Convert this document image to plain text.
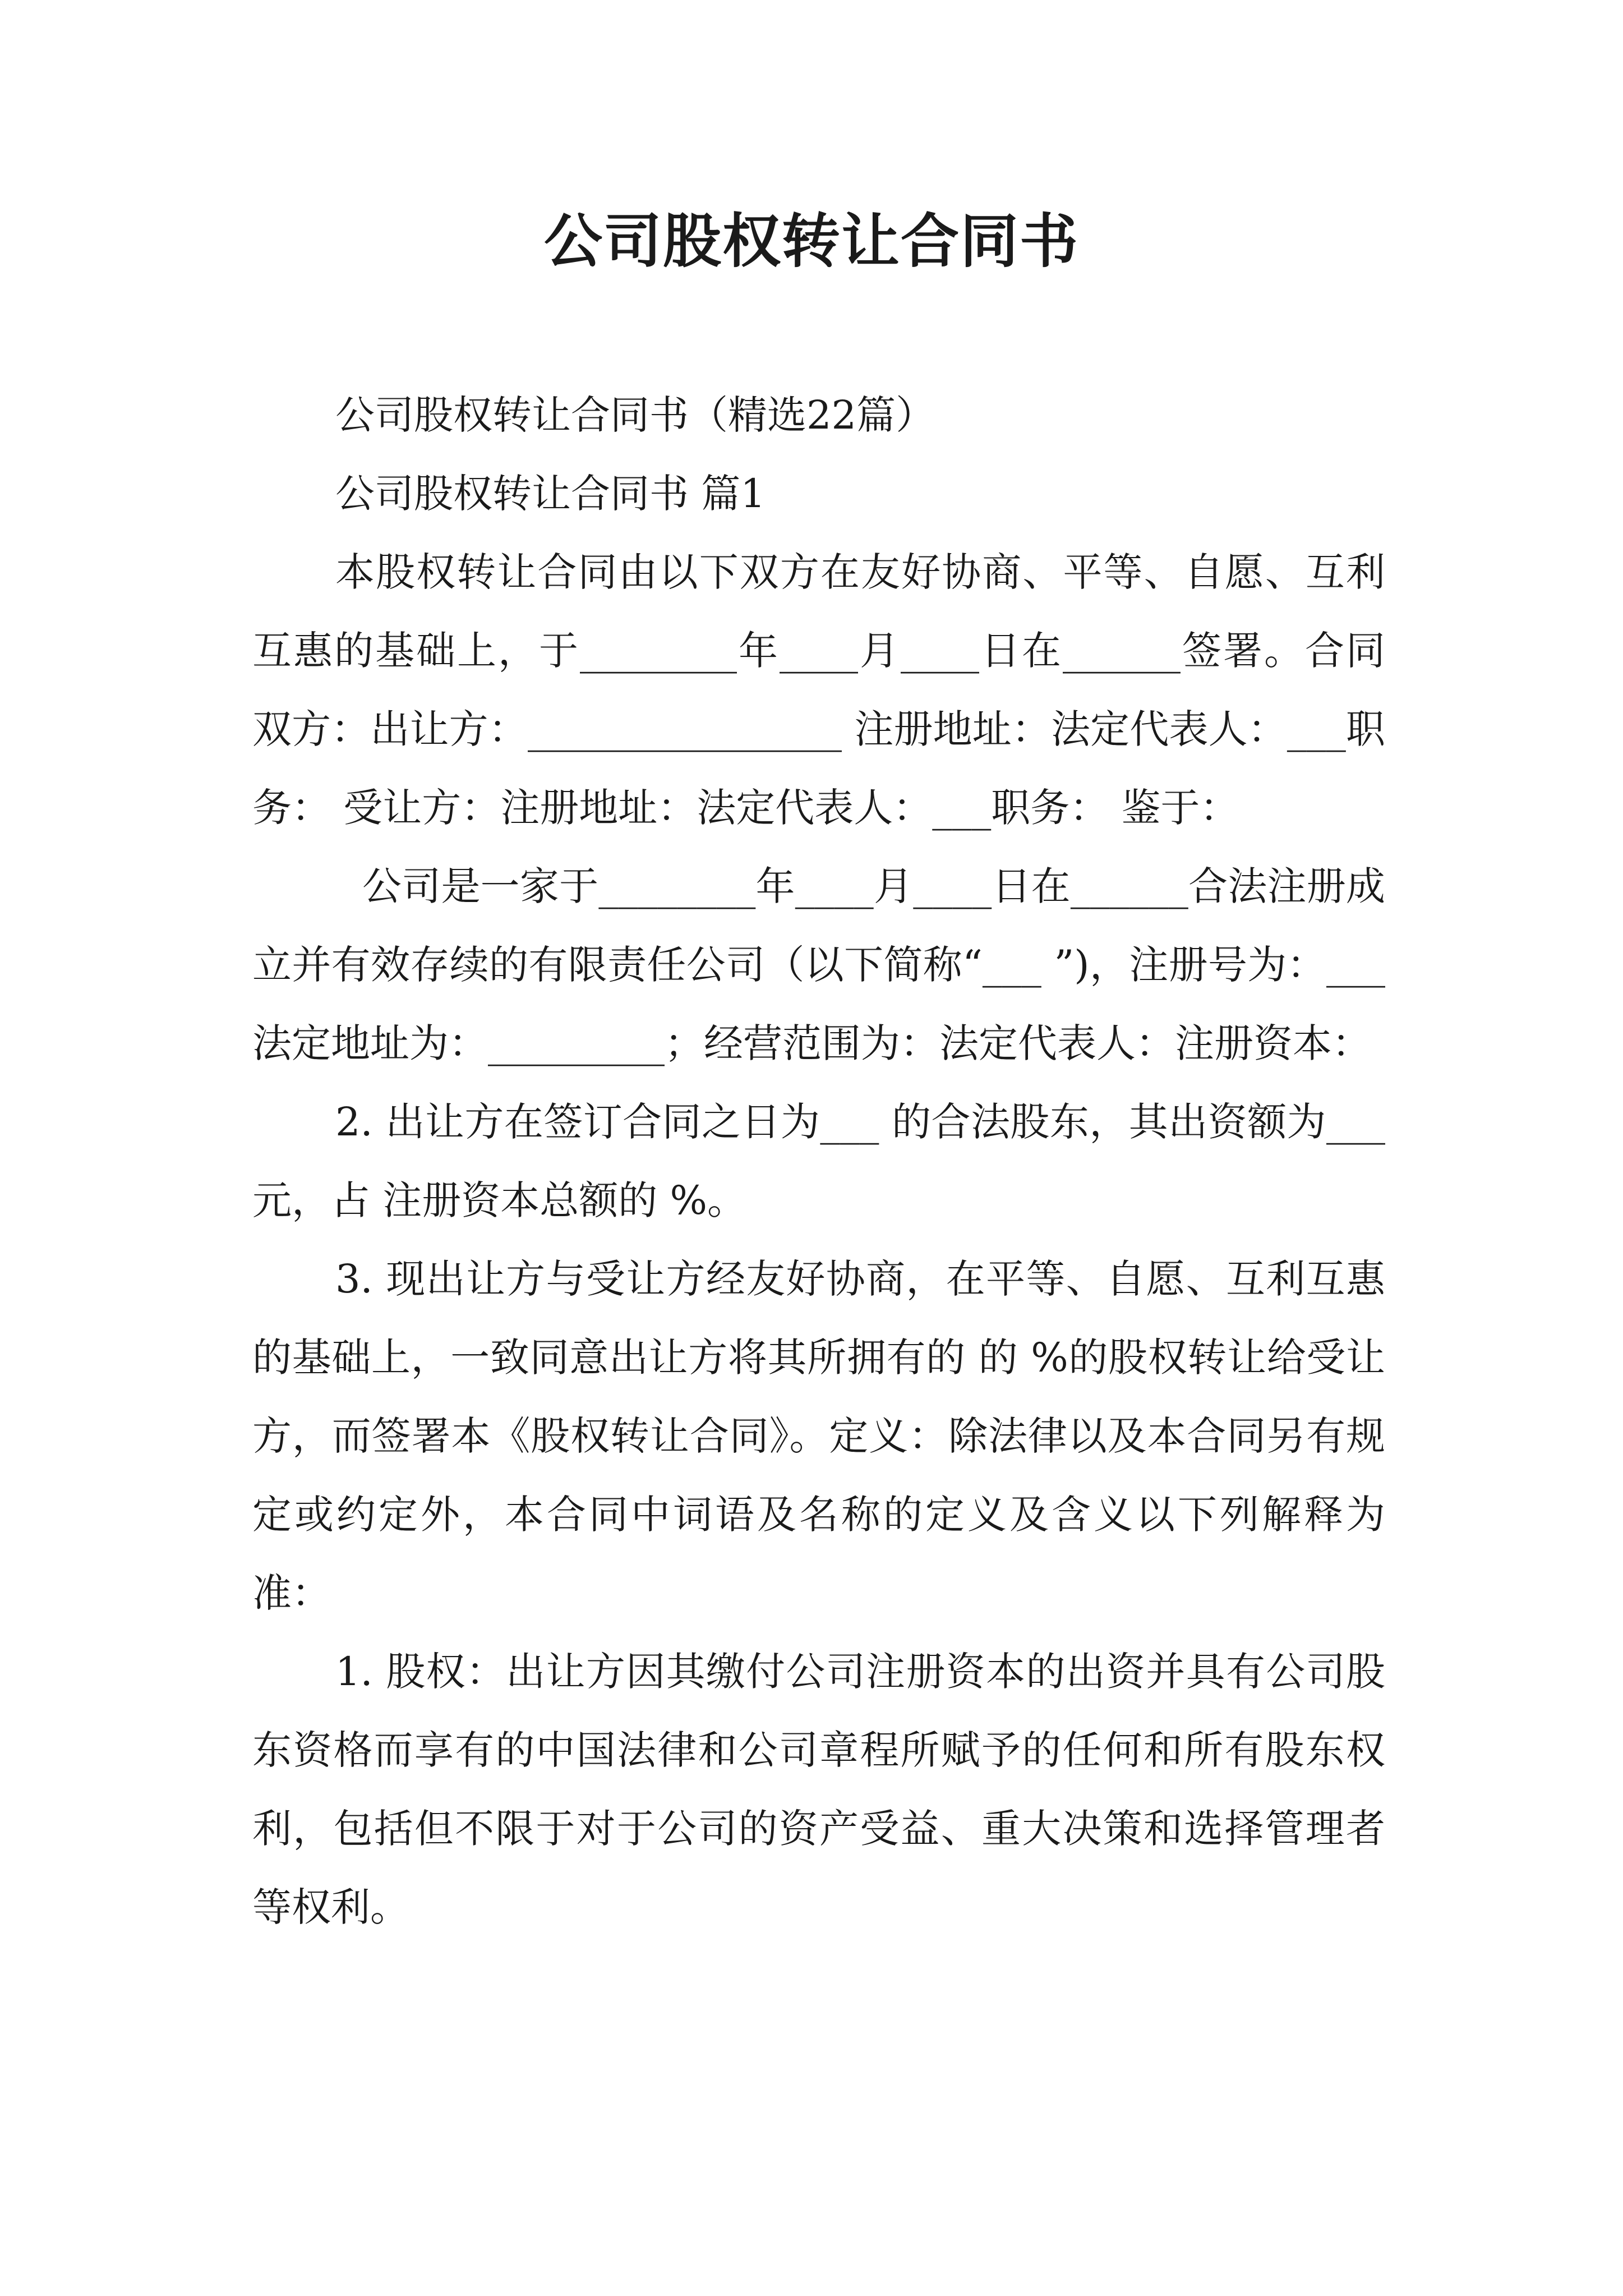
公司股权转让合同书

公司股权转让合同书（精选22篇）

公司股权转让合同书 篇1

本股权转让合同由以下双方在友好协商、平等、自愿、互利互惠的基础上，于________年____月____日在______签署。合同双方：出让方：________________ 注册地址：法定代表人：___职务： 受让方：注册地址：法定代表人：___职务： 鉴于：

公司是一家于________年____月____日在______合法注册成立并有效存续的有限责任公司（以下简称“___ ”)，注册号为：___法定地址为：_________；经营范围为：法定代表人：注册资本：

2. 出让方在签订合同之日为___ 的合法股东，其出资额为___ 元，占 注册资本总额的 %。

3. 现出让方与受让方经友好协商，在平等、自愿、互利互惠的基础上，一致同意出让方将其所拥有的 的 %的股权转让给受让方，而签署本《股权转让合同》。定义：除法律以及本合同另有规定或约定外，本合同中词语及名称的定义及含义以下列解释为准：

1. 股权：出让方因其缴付公司注册资本的出资并具有公司股东资格而享有的中国法律和公司章程所赋予的任何和所有股东权利，包括但不限于对于公司的资产受益、重大决策和选择管理者等权利。
